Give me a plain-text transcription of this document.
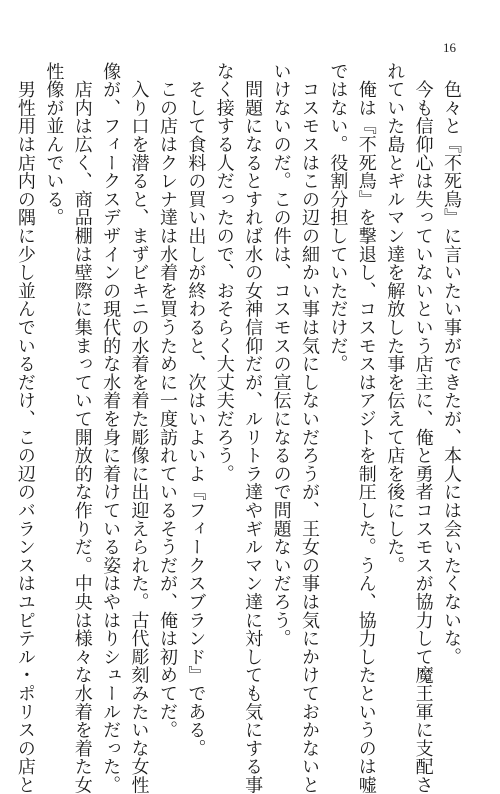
16
　色々と『不死鳥』に言いたい事ができたが、本人には会いたくないな。
　今も信仰心は失っていないという店主に、俺と勇者コスモスが協力して魔王軍に支配さ
れていた島とギルマン達を解放した事を伝えて店を後にした。
　俺は『不死鳥』を撃退し、コスモスはアジトを制圧した。うん、協力したというのは嘘
ではない。役割分担していただけだ。
　コスモスはこの辺の細かい事は気にしないだろうが、王女の事は気にかけておかないと
いけないのだ。この件は、コスモスの宣伝になるので問題ないだろう。
　問題になるとすれば水の女神信仰だが、ルリトラ達やギルマン達に対しても気にする事
なく接する人だったので、おそらく大丈夫だろう。
　そして食料の買い出しが終わると、次はいよいよ『フィークスブランド』である。
　この店はクレナ達は水着を買うために一度訪れているそうだが、俺は初めてだ。
　入り口を潜ると、まずビキニの水着を着た彫像に出迎えられた。古代彫刻みたいな女性
像が、フィークスデザインの現代的な水着を身に着けている姿はやはりシュールだった。
　店内は広く、商品棚は壁際に集まっていて開放的な作りだ。中央は様々な水着を着た女
性像が並んでいる。
　男性用は店内の隅に少し並んでいるだけ、この辺のバランスはユピテル・ポリスの店と
